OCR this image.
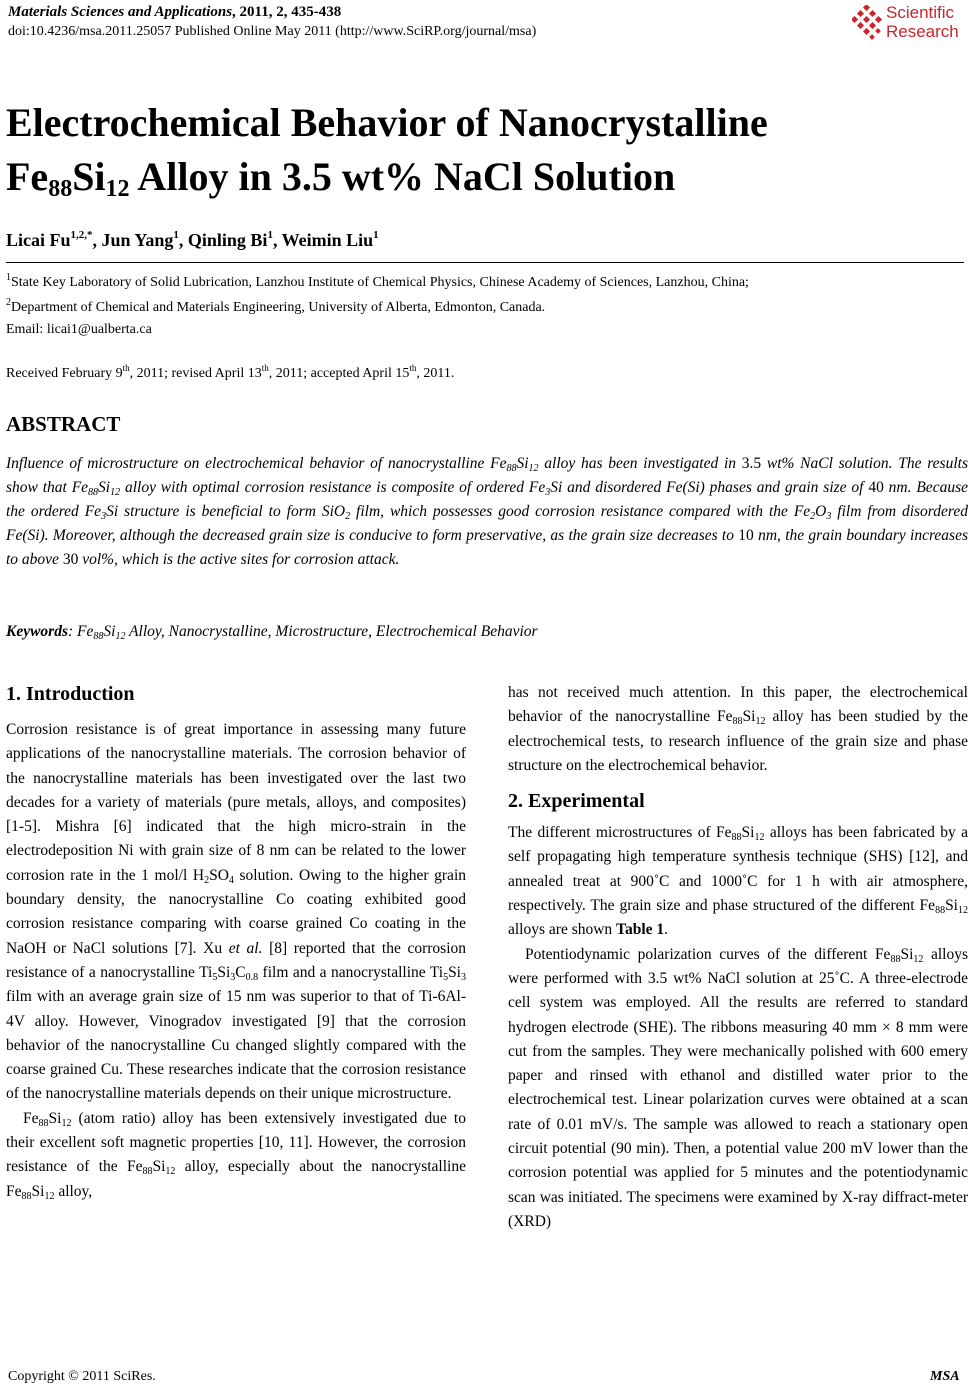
Materials Sciences and Applications, 2011, 2, 435-438
doi:10.4236/msa.2011.25057 Published Online May 2011 (http://www.SciRP.org/journal/msa)
Scientific
Research
Electrochemical Behavior of Nanocrystalline
$Fe_{88}Si_{12}$ Alloy in 3.5 wt% NaCl Solution
Licai $Fu^{1,2,*}$, Jun Yang$^1$, Qinling Bi$^1$, Weimin Liu$^1$
$^1$State Key Laboratory of Solid Lubrication, Lanzhou Institute of Chemical Physics, Chinese Academy of Sciences, Lanzhou, China;
$^2$Department of Chemical and Materials Engineering, University of Alberta, Edmonton, Canada.
Email: licai1@ualberta.ca
Received February 9th, 2011; revised April 13th, 2011; accepted April 15th, 2011.
ABSTRACT
Influence of microstructure on electrochemical behavior of nanocrystalline $Fe_{88}Si_{12}$ alloy has been investigated in 3.5 wt% NaCl solution. The results show that $Fe_{88}Si_{12}$ alloy with optimal corrosion resistance is composite of ordered $Fe_3Si$ and disordered Fe(Si) phases and grain size of 40 nm. Because the ordered $Fe_3Si$ structure is beneficial to form SiO$_2$ film, which possesses good corrosion resistance compared with the $Fe_2O_3$ film from disordered Fe(Si). Moreover, although the decreased grain size is conducive to form preservative, as the grain size decreases to 10 nm, the grain boundary increases to above 30 vol%, which is the active sites for corrosion attack.
Keywords: $Fe_{88}Si_{12}$ Alloy, Nanocrystalline, Microstructure, Electrochemical Behavior
1. Introduction

Corrosion resistance is of great importance in assessing many future applications of the nanocrystalline materials. The corrosion behavior of the nanocrystalline materials has been investigated over the last two decades for a variety of materials (pure metals, alloys, and composites) [1-5]. Mishra [6] indicated that the high micro-strain in the electrodeposition Ni with grain size of 8 nm can be related to the lower corrosion rate in the 1 mol/l $H_2SO_4$ solution. Owing to the higher grain boundary density, the nanocrystalline Co coating exhibited good corrosion resistance comparing with coarse grained Co coating in the NaOH or NaCl solutions [7]. Xu et al. [8] reported that the corrosion resistance of a nanocrystalline $Ti_5Si_3C_{0.8}$ film and a nanocrystalline $Ti_5Si_3$ film with an average grain size of 15 nm was superior to that of Ti-6Al-4V alloy. However, Vinogradov investigated [9] that the corrosion behavior of the nanocrystalline Cu changed slightly compared with the coarse grained Cu. These researches indicate that the corrosion resistance of the nanocrystalline materials depends on their unique microstructure.

$Fe_{88}Si_{12}$ (atom ratio) alloy has been extensively investigated due to their excellent soft magnetic properties [10, 11]. However, the corrosion resistance of the $Fe_{88}Si_{12}$ alloy, especially about the nanocrystalline $Fe_{88}Si_{12}$ alloy,

has not received much attention. In this paper, the electrochemical behavior of the nanocrystalline $Fe_{88}Si_{12}$ alloy has been studied by the electrochemical tests, to research influence of the grain size and phase structure on the electrochemical behavior.

2. Experimental

The different microstructures of $Fe_{88}Si_{12}$ alloys has been fabricated by a self propagating high temperature synthesis technique (SHS) [12], and annealed treat at 900˚C and 1000˚C for 1 h with air atmosphere, respectively. The grain size and phase structured of the different $Fe_{88}Si_{12}$ alloys are shown Table 1.

Potentiodynamic polarization curves of the different $Fe_{88}Si_{12}$ alloys were performed with 3.5 wt% NaCl solution at 25˚C. A three-electrode cell system was employed. All the results are referred to standard hydrogen electrode (SHE). The ribbons measuring 40 mm × 8 mm were cut from the samples. They were mechanically polished with 600 emery paper and rinsed with ethanol and distilled water prior to the electrochemical test. Linear polarization curves were obtained at a scan rate of 0.01 mV/s. The sample was allowed to reach a stationary open circuit potential (90 min). Then, a potential value 200 mV lower than the corrosion potential was applied for 5 minutes and the potentiodynamic scan was initiated. The specimens were examined by X-ray diffract-meter (XRD)

Copyright © 2011 SciRes.	MSA
